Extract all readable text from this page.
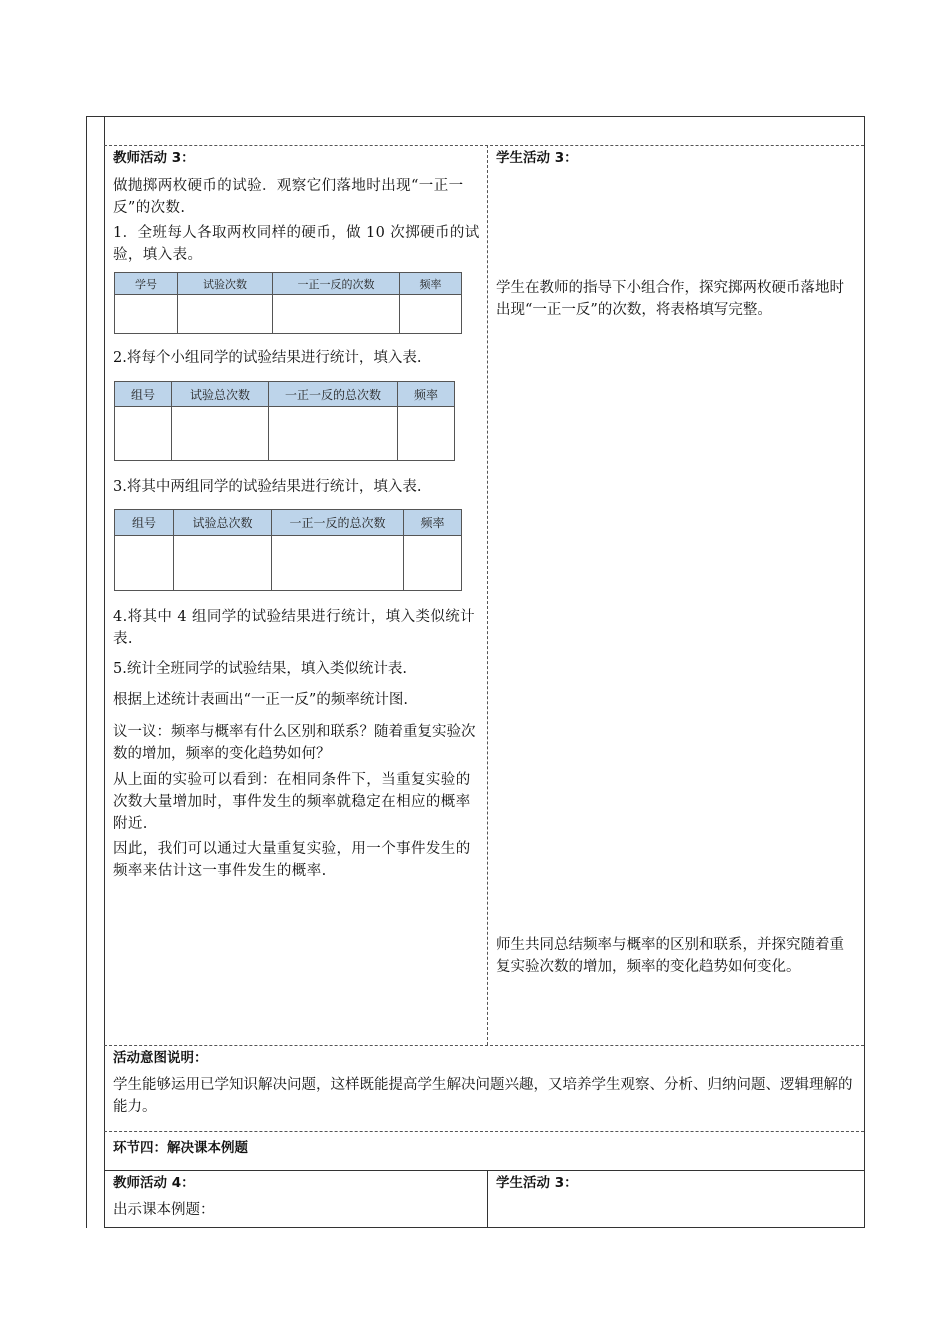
教师活动 3：
做抛掷两枚硬币的试验．观察它们落地时出现“一正一反”的次数.
1．全班每人各取两枚同样的硬币，做 10 次掷硬币的试验，填入表。
学号	试验次数	一正一反的次数	频率

2.将每个小组同学的试验结果进行统计，填入表.
组号	试验总次数	一正一反的总次数	频率

3.将其中两组同学的试验结果进行统计，填入表.
组号	试验总次数	一正一反的总次数	频率

4.将其中 4 组同学的试验结果进行统计，填入类似统计表.
5.统计全班同学的试验结果，填入类似统计表.
根据上述统计表画出“一正一反”的频率统计图.
议一议：频率与概率有什么区别和联系？随着重复实验次数的增加，频率的变化趋势如何？
从上面的实验可以看到：在相同条件下，当重复实验的次数大量增加时，事件发生的频率就稳定在相应的概率附近.
因此，我们可以通过大量重复实验，用一个事件发生的频率来估计这一事件发生的概率.
学生活动 3：
学生在教师的指导下小组合作，探究掷两枚硬币落地时出现“一正一反”的次数，将表格填写完整。
师生共同总结频率与概率的区别和联系，并探究随着重复实验次数的增加，频率的变化趋势如何变化。
活动意图说明：
学生能够运用已学知识解决问题，这样既能提高学生解决问题兴趣，又培养学生观察、分析、归纳问题、逻辑理解的能力。
环节四：解决课本例题
教师活动 4：
出示课本例题：
学生活动 3：
